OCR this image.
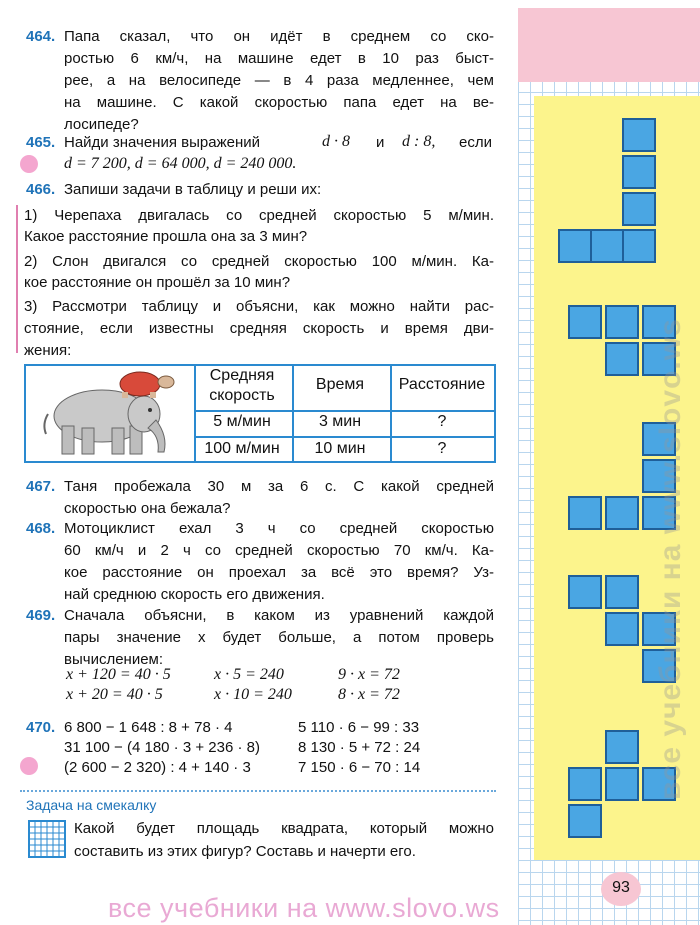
все учебники на www.slovo.ws
93
464. Папа сказал, что он идёт в среднем со ско-
ростью 6 км/ч, на машине едет в 10 раз быст-
рее, а на велосипеде — в 4 раза медленнее, чем
на машине. С какой скоростью папа едет на ве-
лосипеде?
465. Найди значения выражений	d · 8 и d : 8, если
d = 7 200, d = 64 000, d = 240 000.
466. Запиши задачи в таблицу и реши их:
1) Черепаха двигалась со средней скоростью 5 м/мин.
Какое расстояние прошла она за 3 мин?
2) Слон двигался со средней скоростью 100 м/мин. Ка-
кое расстояние он прошёл за 10 мин?
3) Рассмотри таблицу и объясни, как можно найти рас-
стояние, если известны средняя скорость и время дви-
жения:
Средняя
скорость
Время	Расстояние
5 м/мин	3 мин	?
100 м/мин	10 мин	?
467. Таня пробежала 30 м за 6 с. С какой средней
скоростью она бежала?
468. Мотоциклист ехал 3 ч со средней скоростью
60 км/ч и 2 ч со средней скоростью 70 км/ч. Ка-
кое расстояние он проехал за всё это время? Уз-
най среднюю скорость его движения.
469. Сначала объясни, в каком из уравнений каждой
пары значение x будет больше, а потом проверь
вычислением:
x + 120 = 40 · 5	x · 5 = 240	9 · x = 72
x + 20 = 40 · 5	x · 10 = 240	8 · x = 72
470. 6 800 − 1 648 : 8 + 78 · 4
31 100 − (4 180 · 3 + 236 · 8)
(2 600 − 2 320) : 4 + 140 · 3
5 110 · 6 − 99 : 33
8 130 · 5 + 72 : 24
7 150 · 6 − 70 : 14
Задача на смекалку
Какой будет площадь квадрата, который можно
составить из этих фигур? Составь и начерти его.
все учебники на www.slovo.ws
